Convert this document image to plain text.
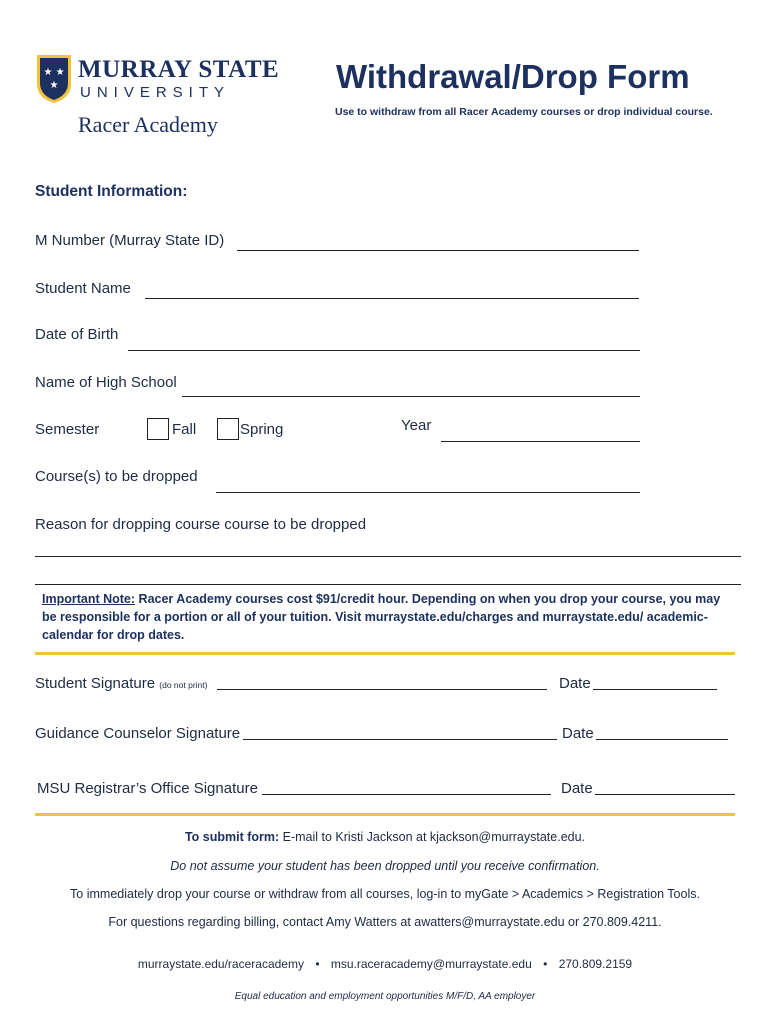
★ ★
★
MURRAY STATE
UNIVERSITY
Racer Academy
Withdrawal/Drop Form
Use to withdraw from all Racer Academy courses or drop individual course.
Student Information:
M Number (Murray State ID)
Student Name
Date of Birth
Name of High School
Semester	Fall	Spring	Year
Course(s) to be dropped
Reason for dropping course course to be dropped
Important Note: Racer Academy courses cost $91/credit hour. Depending on when you drop your course, you may be responsible for a portion or all of your tuition. Visit murraystate.edu/charges and murraystate.edu/ academic-calendar for drop dates.
Student Signature (do not print)	Date
Guidance Counselor Signature	Date
MSU Registrar’s Office Signature	Date
To submit form: E-mail to Kristi Jackson at kjackson@murraystate.edu.
Do not assume your student has been dropped until you receive confirmation.
To immediately drop your course or withdraw from all courses, log-in to myGate > Academics > Registration Tools.
For questions regarding billing, contact Amy Watters at awatters@murraystate.edu or 270.809.4211.
murraystate.edu/raceracademy • msu.raceracademy@murraystate.edu • 270.809.2159
Equal education and employment opportunities M/F/D, AA employer
